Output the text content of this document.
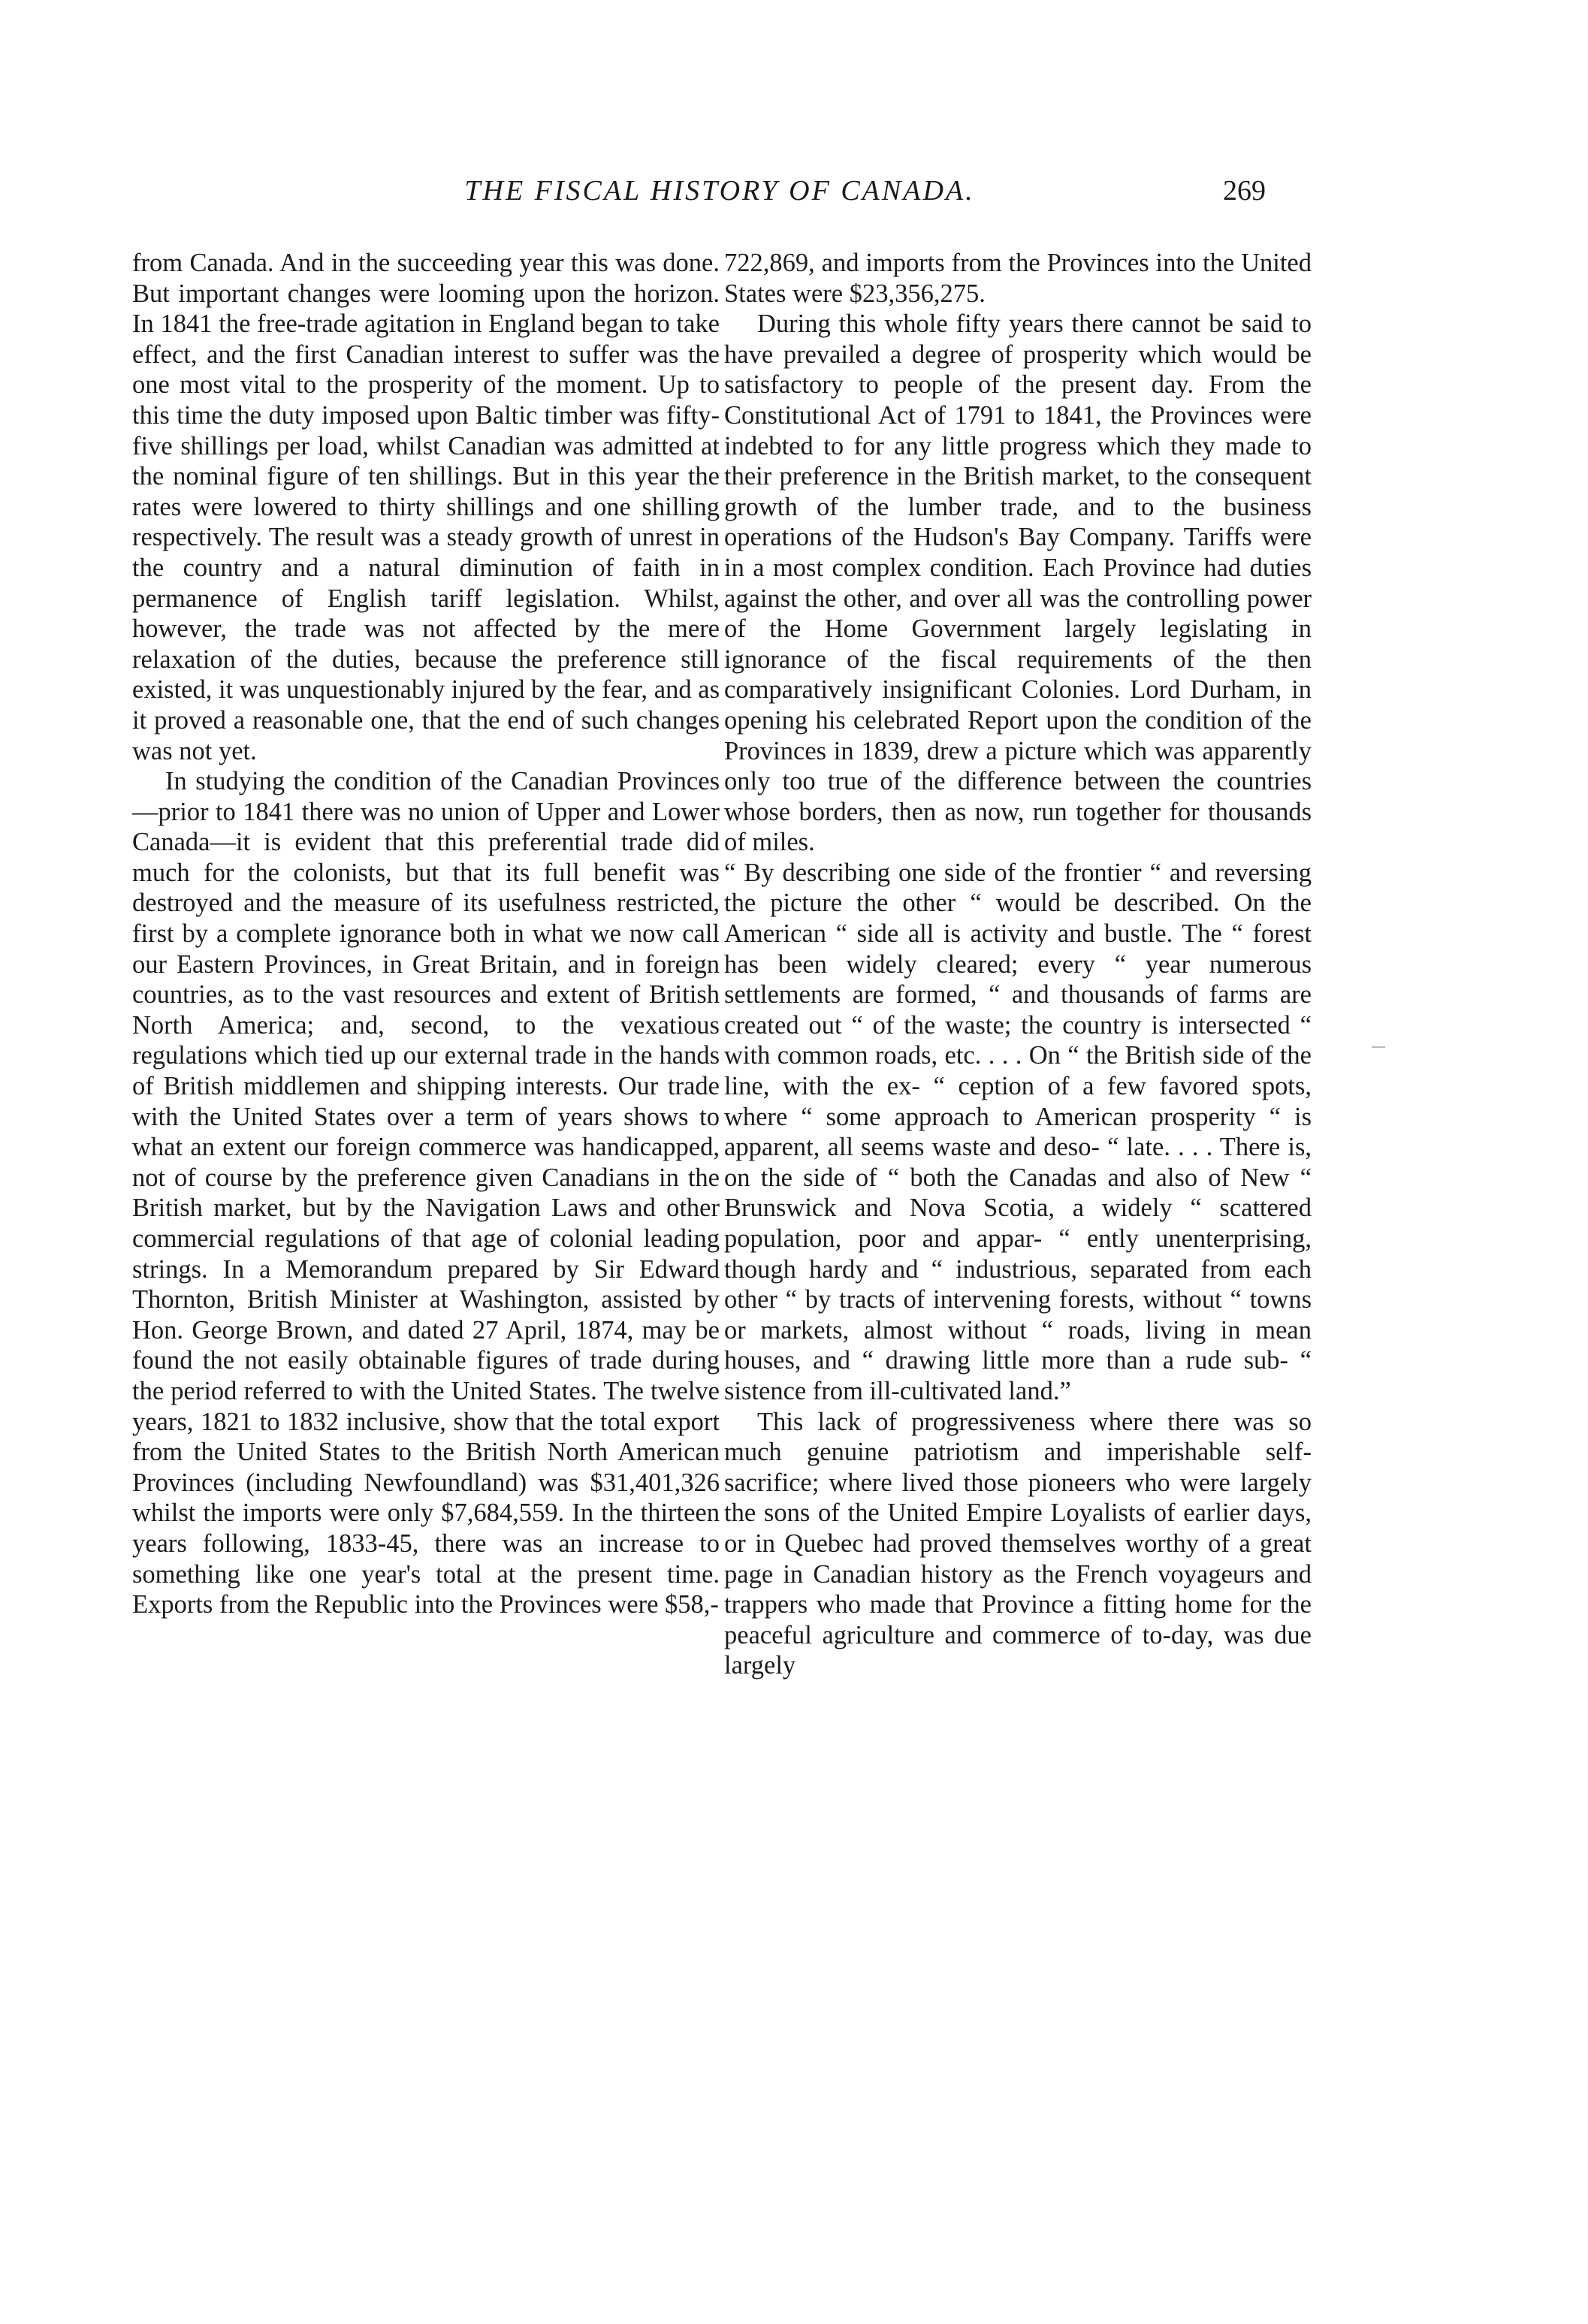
THE FISCAL HISTORY OF CANADA.	269

from Canada. And in the succeeding year this was done. But important changes were looming upon the horizon. In 1841 the free-trade agitation in England began to take effect, and the first Canadian interest to suffer was the one most vital to the prosperity of the moment. Up to this time the duty imposed upon Baltic timber was fifty-five shillings per load, whilst Canadian was admitted at the nominal figure of ten shillings. But in this year the rates were lowered to thirty shillings and one shilling respectively. The result was a steady growth of unrest in the country and a natural diminution of faith in permanence of English tariff legislation. Whilst, however, the trade was not affected by the mere relaxation of the duties, because the preference still existed, it was unquestionably injured by the fear, and as it proved a reasonable one, that the end of such changes was not yet.

In studying the condition of the Canadian Provinces—prior to 1841 there was no union of Upper and Lower Canada—it is evident that this preferential trade did much for the colonists, but that its full benefit was destroyed and the measure of its usefulness restricted, first by a complete ignorance both in what we now call our Eastern Provinces, in Great Britain, and in foreign countries, as to the vast resources and extent of British North America; and, second, to the vexatious regulations which tied up our external trade in the hands of British middlemen and shipping interests. Our trade with the United States over a term of years shows to what an extent our foreign commerce was handicapped, not of course by the preference given Canadians in the British market, but by the Navigation Laws and other commercial regulations of that age of colonial leading strings. In a Memorandum prepared by Sir Edward Thornton, British Minister at Washington, assisted by Hon. George Brown, and dated 27 April, 1874, may be found the not easily obtainable figures of trade during the period referred to with the United States. The twelve years, 1821 to 1832 inclusive, show that the total export from the United States to the British North American Provinces (including Newfoundland) was $31,401,326 whilst the imports were only $7,684,559. In the thirteen years following, 1833-45, there was an increase to something like one year's total at the present time. Exports from the Republic into the Provinces were $58,-

722,869, and imports from the Provinces into the United States were $23,356,275.

During this whole fifty years there cannot be said to have prevailed a degree of prosperity which would be satisfactory to people of the present day. From the Constitutional Act of 1791 to 1841, the Provinces were indebted to for any little progress which they made to their preference in the British market, to the consequent growth of the lumber trade, and to the business operations of the Hudson's Bay Company. Tariffs were in a most complex condition. Each Province had duties against the other, and over all was the controlling power of the Home Government largely legislating in ignorance of the fiscal requirements of the then comparatively insignificant Colonies. Lord Durham, in opening his celebrated Report upon the condition of the Provinces in 1839, drew a picture which was apparently only too true of the difference between the countries whose borders, then as now, run together for thousands of miles.

“ By describing one side of the frontier “ and reversing the picture the other “ would be described. On the American “ side all is activity and bustle. The “ forest has been widely cleared; every “ year numerous settlements are formed, “ and thousands of farms are created out “ of the waste; the country is intersected “ with common roads, etc. . . . On “ the British side of the line, with the ex- “ ception of a few favored spots, where “ some approach to American prosperity “ is apparent, all seems waste and deso- “ late. . . . There is, on the side of “ both the Canadas and also of New “ Brunswick and Nova Scotia, a widely “ scattered population, poor and appar- “ ently unenterprising, though hardy and “ industrious, separated from each other “ by tracts of intervening forests, without “ towns or markets, almost without “ roads, living in mean houses, and “ drawing little more than a rude sub- “ sistence from ill-cultivated land.”

This lack of progressiveness where there was so much genuine patriotism and imperishable self-sacrifice; where lived those pioneers who were largely the sons of the United Empire Loyalists of earlier days, or in Quebec had proved themselves worthy of a great page in Canadian history as the French voyageurs and trappers who made that Province a fitting home for the peaceful agriculture and commerce of to-day, was due largely
